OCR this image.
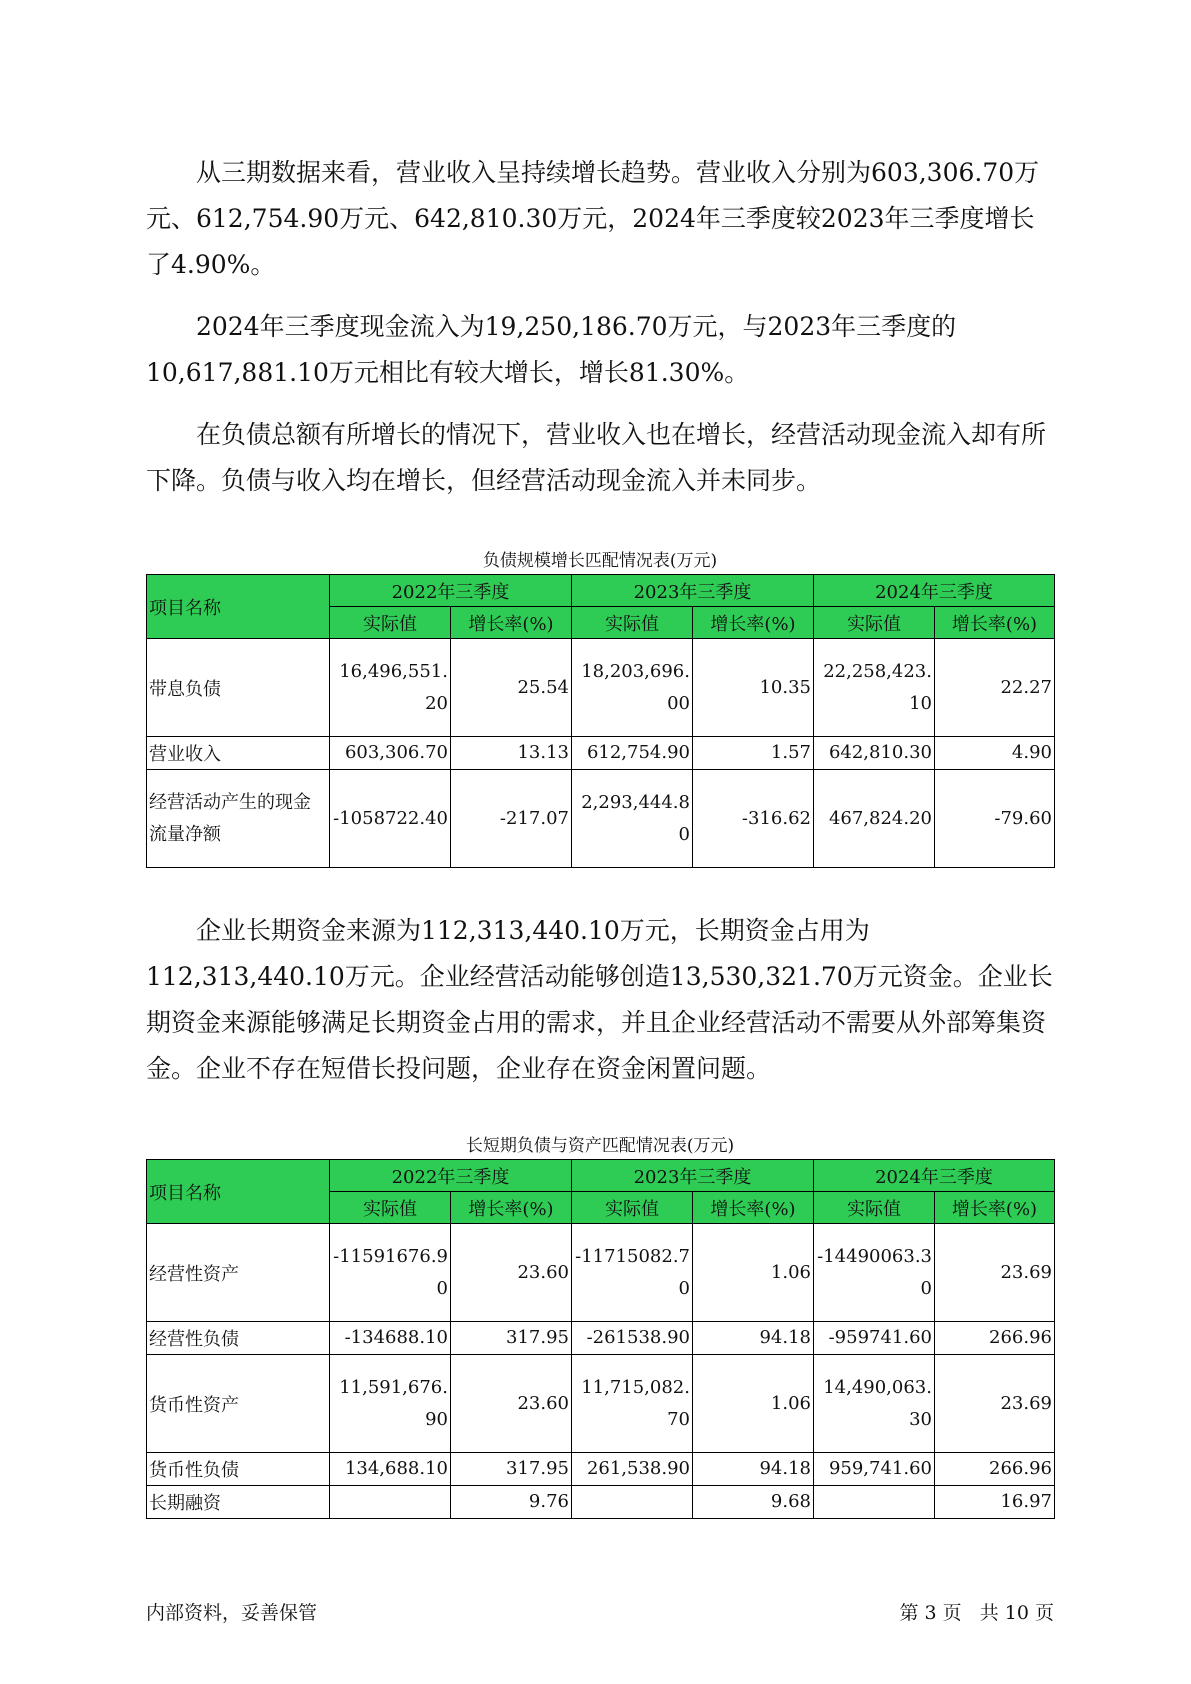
从三期数据来看，营业收入呈持续增长趋势。营业收入分别为603,306.70万元、612,754.90万元、642,810.30万元，2024年三季度较2023年三季度增长了4.90%。

2024年三季度现金流入为19,250,186.70万元，与2023年三季度的10,617,881.10万元相比有较大增长，增长81.30%。

在负债总额有所增长的情况下，营业收入也在增长，经营活动现金流入却有所下降。负债与收入均在增长，但经营活动现金流入并未同步。

负债规模增长匹配情况表(万元)
项目名称	2022年三季度		2023年三季度		2024年三季度	
	实际值	增长率(%)	实际值	增长率(%)	实际值	增长率(%)
带息负债	16,496,551.20	25.54	18,203,696.00	10.35	22,258,423.10	22.27
营业收入	603,306.70	13.13	612,754.90	1.57	642,810.30	4.90
经营活动产生的现金流量净额	-1058722.40	-217.07	2,293,444.80	-316.62	467,824.20	-79.60

企业长期资金来源为112,313,440.10万元，长期资金占用为112,313,440.10万元。企业经营活动能够创造13,530,321.70万元资金。企业长期资金来源能够满足长期资金占用的需求，并且企业经营活动不需要从外部筹集资金。企业不存在短借长投问题，企业存在资金闲置问题。

长短期负债与资产匹配情况表(万元)
项目名称	2022年三季度		2023年三季度		2024年三季度	
	实际值	增长率(%)	实际值	增长率(%)	实际值	增长率(%)
经营性资产	-11591676.90	23.60	-11715082.70	1.06	-14490063.30	23.69
经营性负债	-134688.10	317.95	-261538.90	94.18	-959741.60	266.96
货币性资产	11,591,676.90	23.60	11,715,082.70	1.06	14,490,063.30	23.69
货币性负债	134,688.10	317.95	261,538.90	94.18	959,741.60	266.96
长期融资		9.76		9.68		16.97
内部资料，妥善保管	第 3 页   共 10 页
